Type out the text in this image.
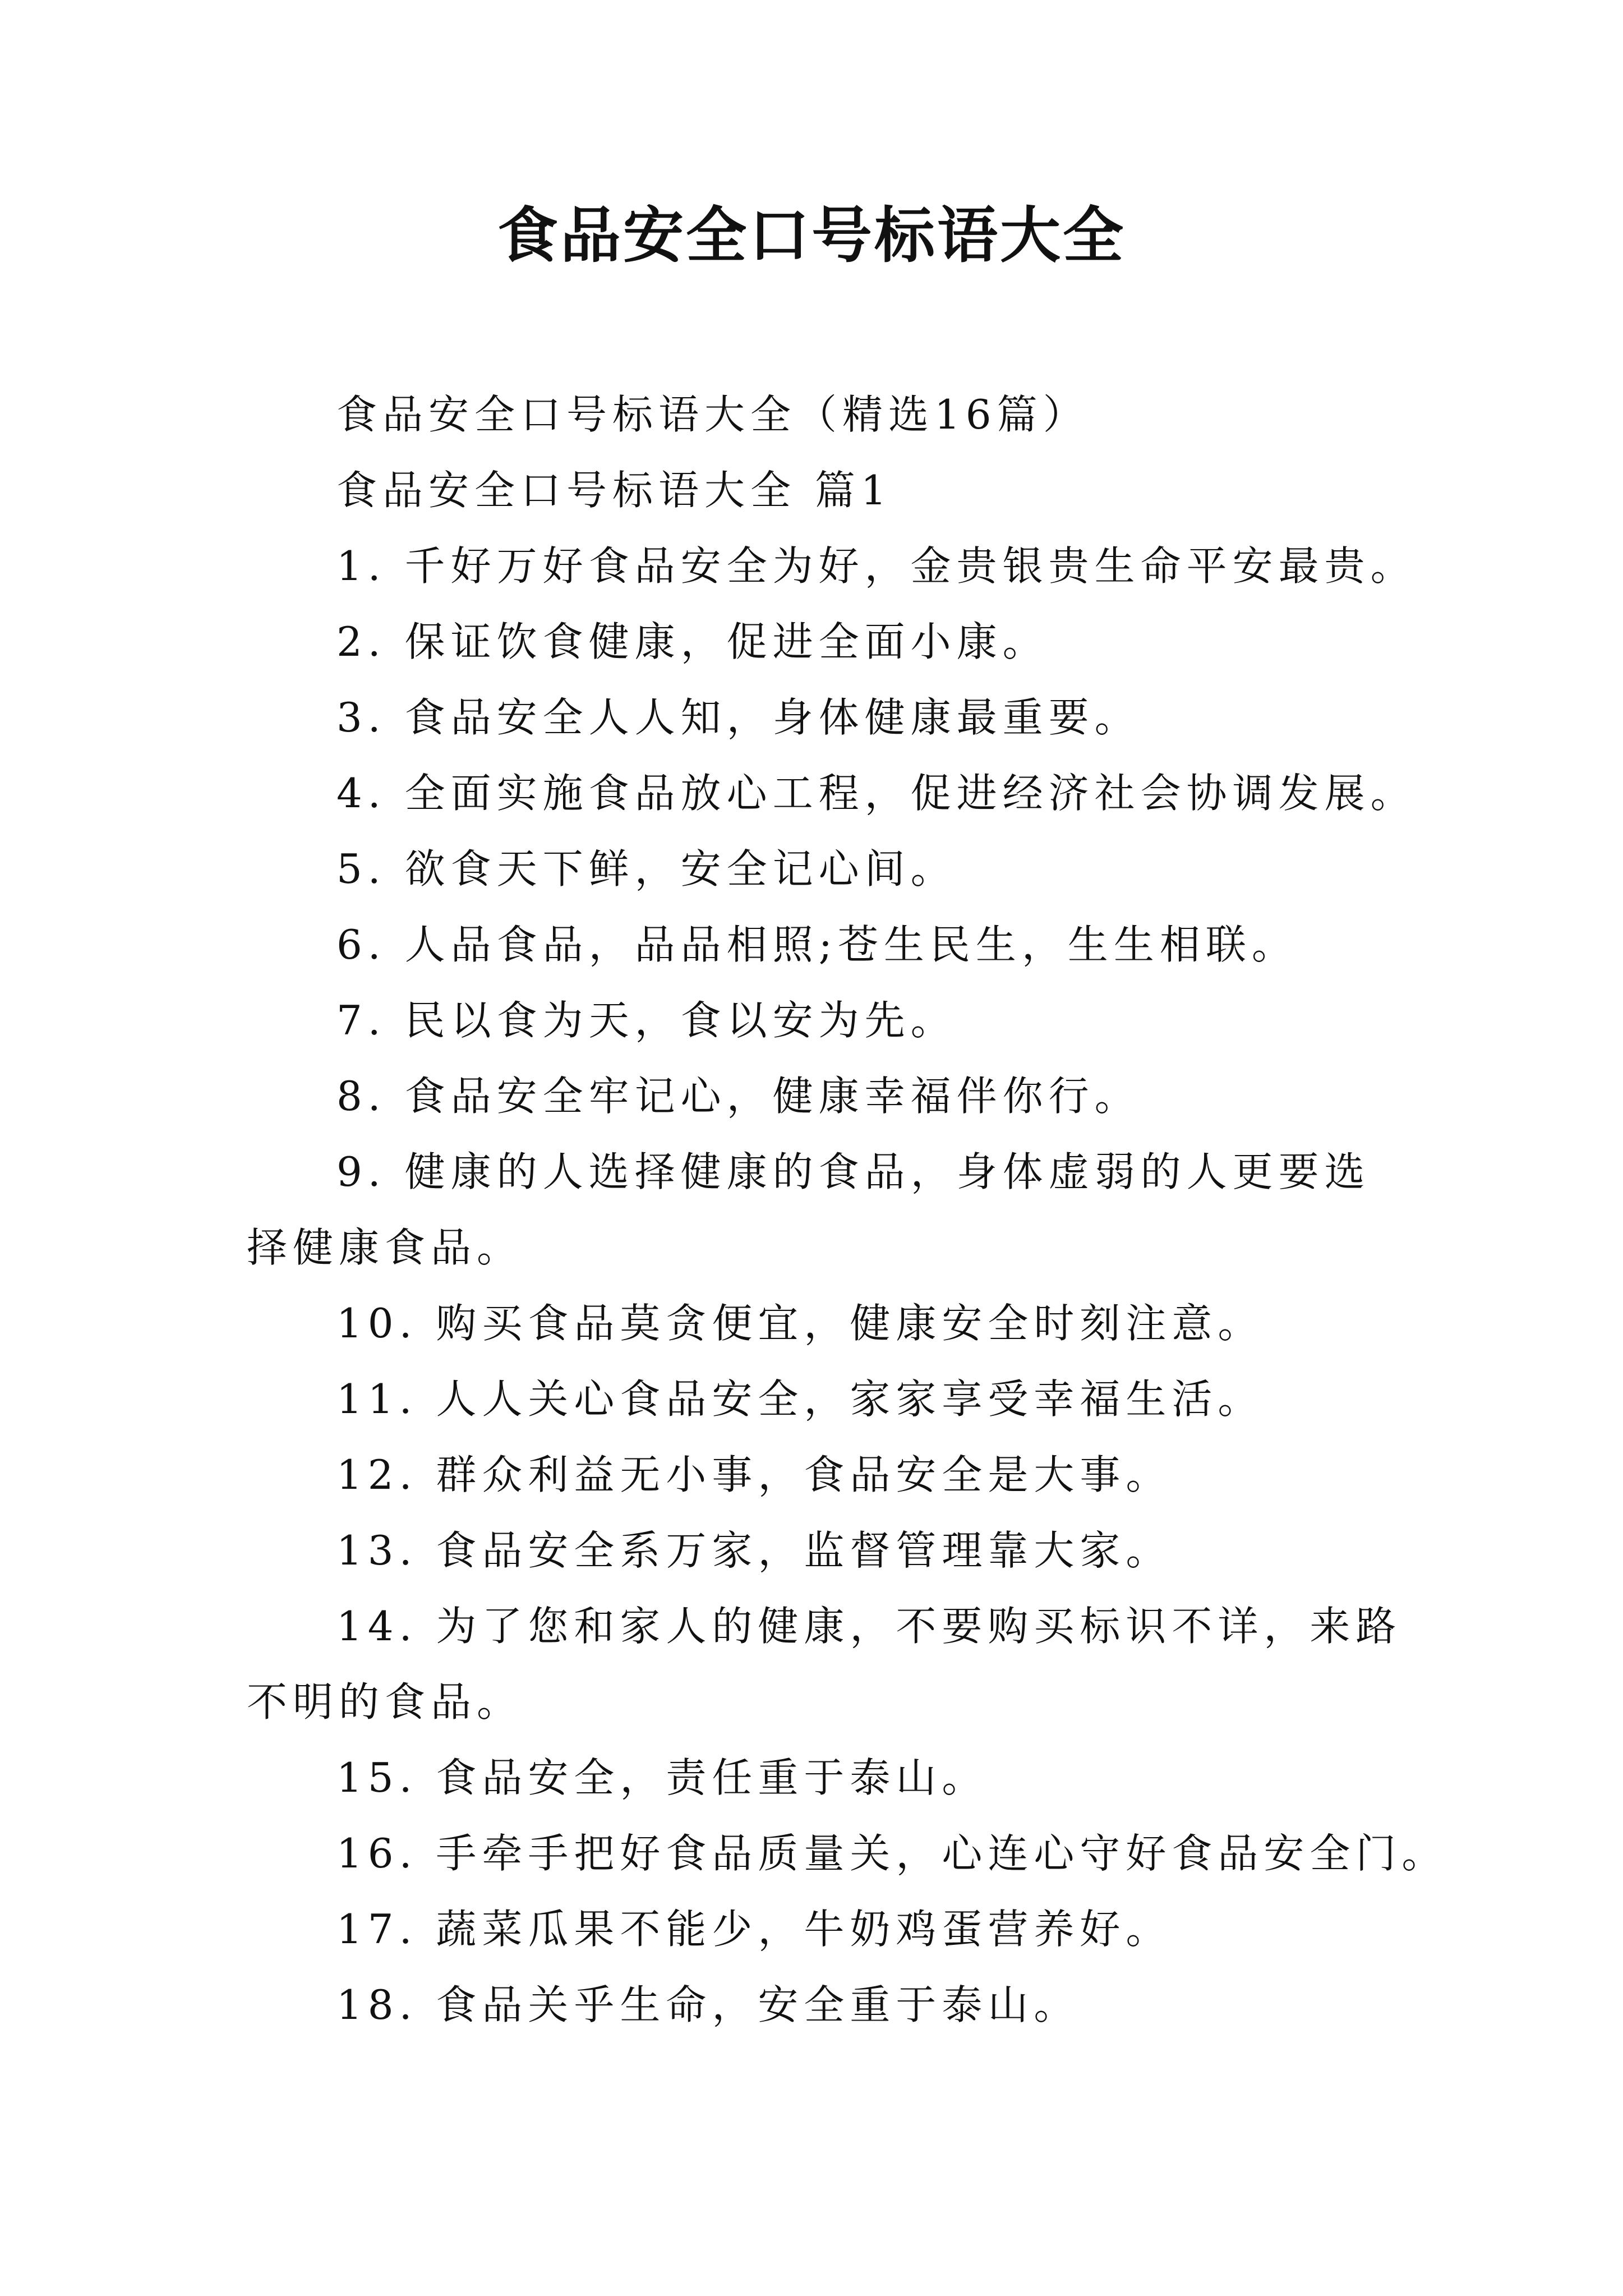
食品安全口号标语大全

食品安全口号标语大全（精选16篇）

食品安全口号标语大全 篇1

1. 千好万好食品安全为好，金贵银贵生命平安最贵。

2. 保证饮食健康，促进全面小康。

3. 食品安全人人知，身体健康最重要。

4. 全面实施食品放心工程，促进经济社会协调发展。

5. 欲食天下鲜，安全记心间。

6. 人品食品，品品相照;苍生民生，生生相联。

7. 民以食为天，食以安为先。

8. 食品安全牢记心，健康幸福伴你行。

9. 健康的人选择健康的食品，身体虚弱的人更要选择健康食品。

10. 购买食品莫贪便宜，健康安全时刻注意。

11. 人人关心食品安全，家家享受幸福生活。

12. 群众利益无小事，食品安全是大事。

13. 食品安全系万家，监督管理靠大家。

14. 为了您和家人的健康，不要购买标识不详，来路不明的食品。

15. 食品安全，责任重于泰山。

16. 手牵手把好食品质量关，心连心守好食品安全门。

17. 蔬菜瓜果不能少，牛奶鸡蛋营养好。

18. 食品关乎生命，安全重于泰山。
